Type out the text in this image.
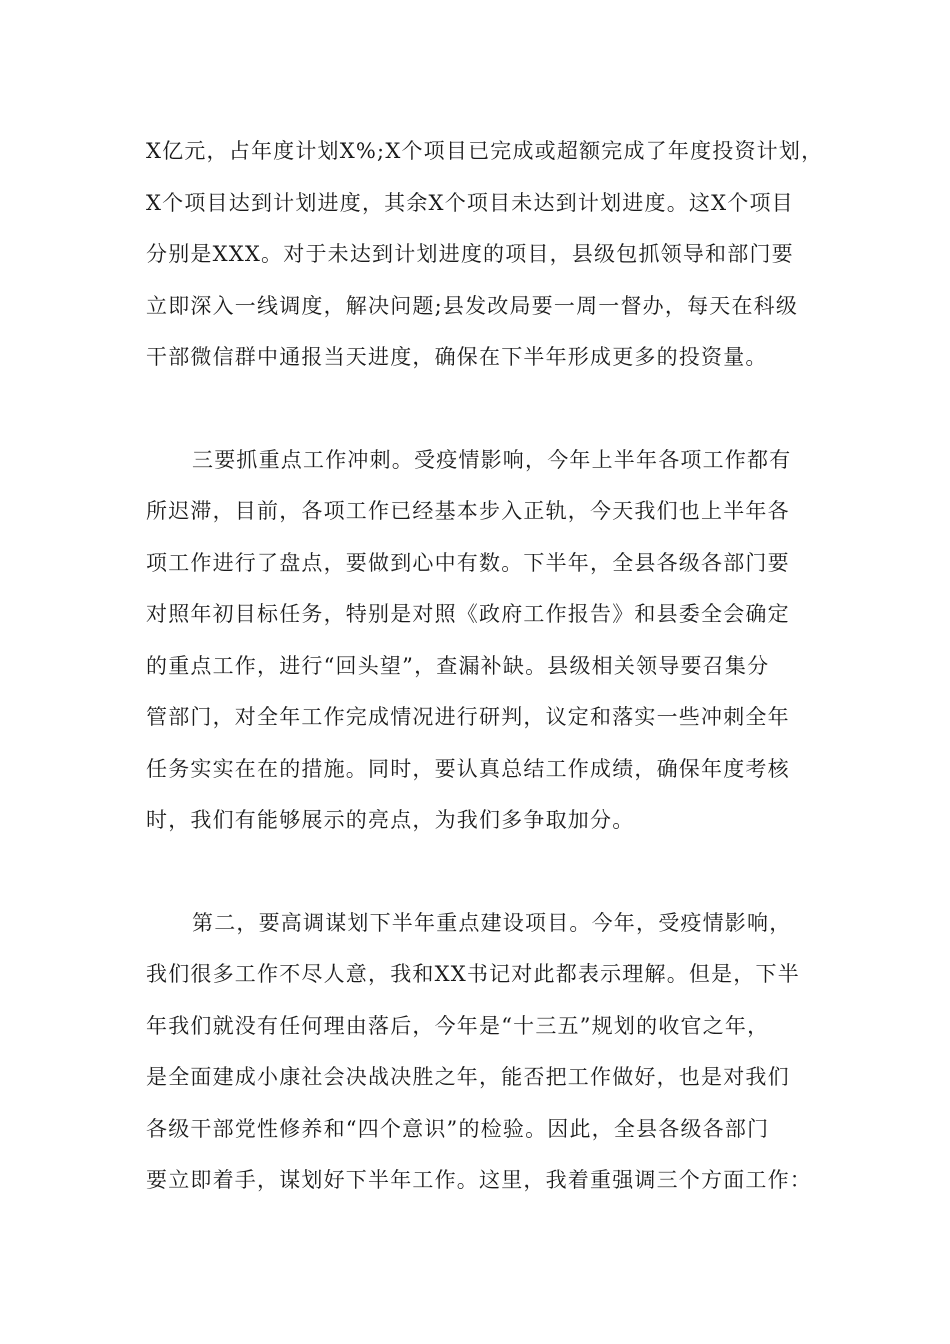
X亿元，占年度计划X%;X个项目已完成或超额完成了年度投资计划，
X个项目达到计划进度，其余X个项目未达到计划进度。这X个项目
分别是XXX。对于未达到计划进度的项目，县级包抓领导和部门要
立即深入一线调度，解决问题;县发改局要一周一督办，每天在科级
干部微信群中通报当天进度，确保在下半年形成更多的投资量。

三要抓重点工作冲刺。受疫情影响，今年上半年各项工作都有
所迟滞，目前，各项工作已经基本步入正轨，今天我们也上半年各
项工作进行了盘点，要做到心中有数。下半年，全县各级各部门要
对照年初目标任务，特别是对照《政府工作报告》和县委全会确定
的重点工作，进行“回头望”，查漏补缺。县级相关领导要召集分
管部门，对全年工作完成情况进行研判，议定和落实一些冲刺全年
任务实实在在的措施。同时，要认真总结工作成绩，确保年度考核
时，我们有能够展示的亮点，为我们多争取加分。

第二，要高调谋划下半年重点建设项目。今年，受疫情影响，
我们很多工作不尽人意，我和XX书记对此都表示理解。但是，下半
年我们就没有任何理由落后，今年是“十三五”规划的收官之年，
是全面建成小康社会决战决胜之年，能否把工作做好，也是对我们
各级干部党性修养和“四个意识”的检验。因此，全县各级各部门
要立即着手，谋划好下半年工作。这里，我着重强调三个方面工作：
